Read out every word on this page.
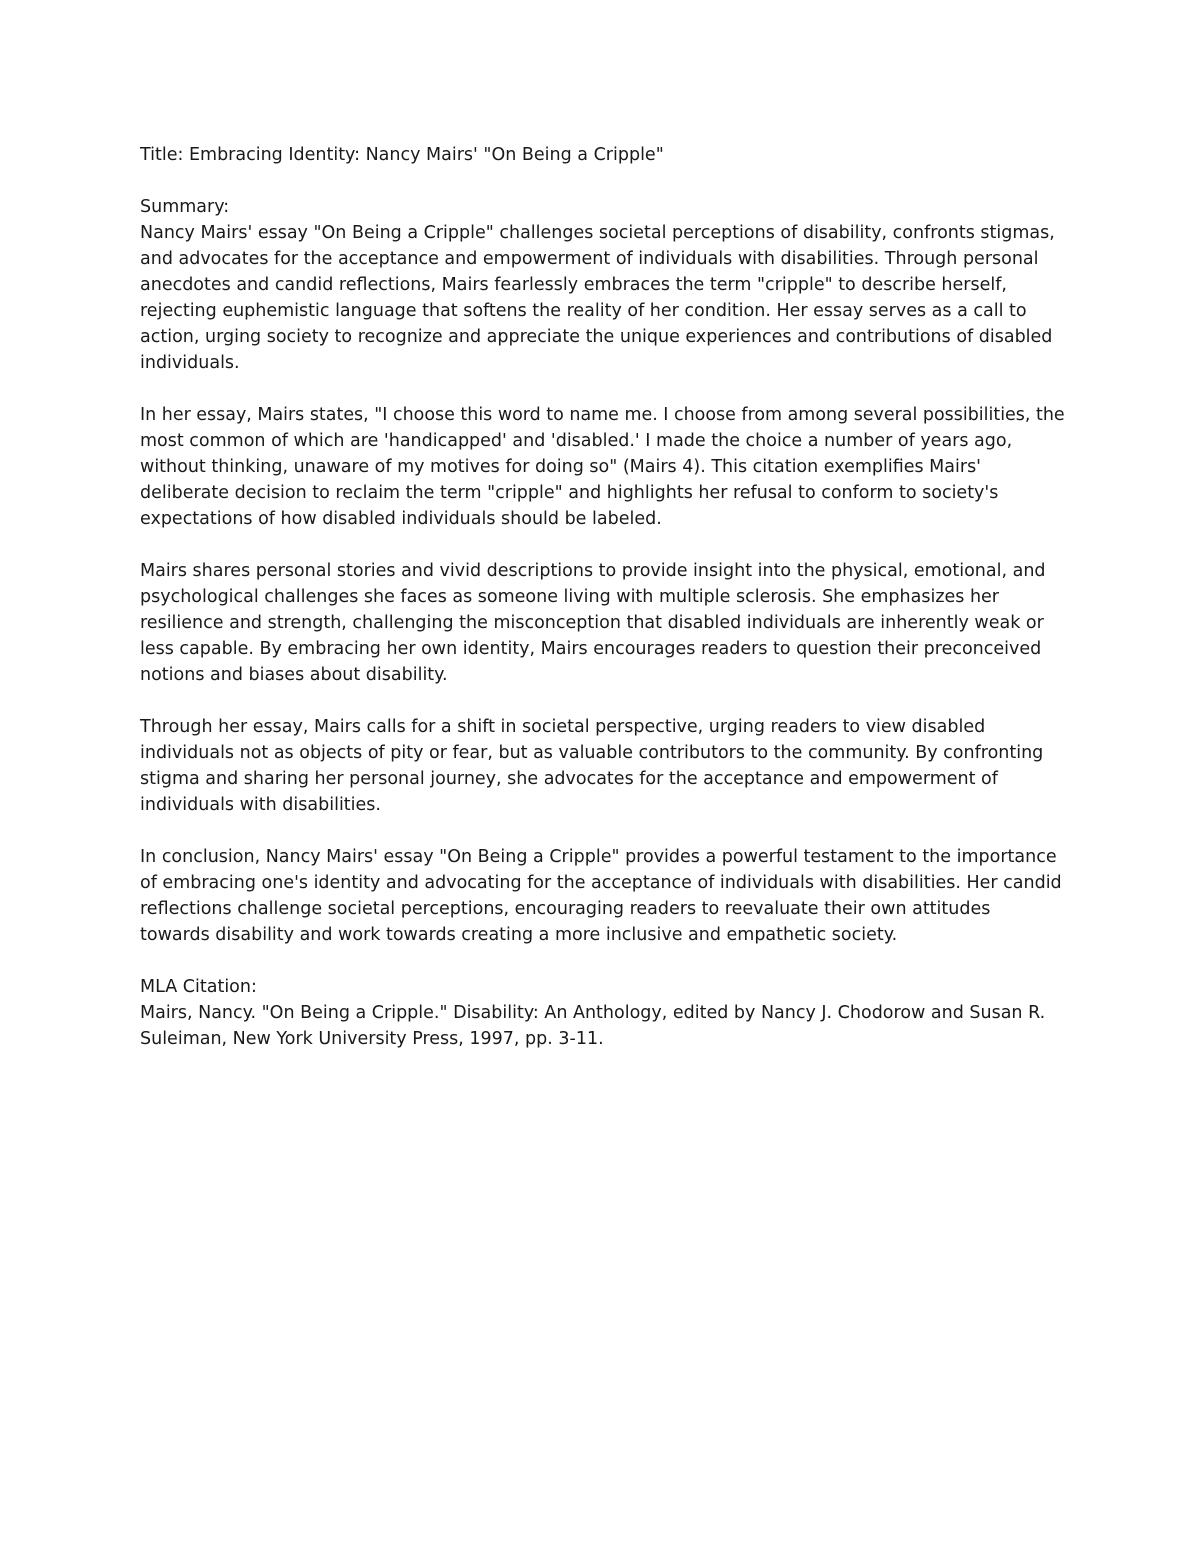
Title: Embracing Identity: Nancy Mairs' "On Being a Cripple"

Summary:

Nancy Mairs' essay "On Being a Cripple" challenges societal perceptions of disability, confronts stigmas,

and advocates for the acceptance and empowerment of individuals with disabilities. Through personal

anecdotes and candid reflections, Mairs fearlessly embraces the term "cripple" to describe herself,

rejecting euphemistic language that softens the reality of her condition. Her essay serves as a call to

action, urging society to recognize and appreciate the unique experiences and contributions of disabled

individuals.

In her essay, Mairs states, "I choose this word to name me. I choose from among several possibilities, the

most common of which are 'handicapped' and 'disabled.' I made the choice a number of years ago,

without thinking, unaware of my motives for doing so" (Mairs 4). This citation exemplifies Mairs'

deliberate decision to reclaim the term "cripple" and highlights her refusal to conform to society's

expectations of how disabled individuals should be labeled.

Mairs shares personal stories and vivid descriptions to provide insight into the physical, emotional, and

psychological challenges she faces as someone living with multiple sclerosis. She emphasizes her

resilience and strength, challenging the misconception that disabled individuals are inherently weak or

less capable. By embracing her own identity, Mairs encourages readers to question their preconceived

notions and biases about disability.

Through her essay, Mairs calls for a shift in societal perspective, urging readers to view disabled

individuals not as objects of pity or fear, but as valuable contributors to the community. By confronting

stigma and sharing her personal journey, she advocates for the acceptance and empowerment of

individuals with disabilities.

In conclusion, Nancy Mairs' essay "On Being a Cripple" provides a powerful testament to the importance

of embracing one's identity and advocating for the acceptance of individuals with disabilities. Her candid

reflections challenge societal perceptions, encouraging readers to reevaluate their own attitudes

towards disability and work towards creating a more inclusive and empathetic society.

MLA Citation:

Mairs, Nancy. "On Being a Cripple." Disability: An Anthology, edited by Nancy J. Chodorow and Susan R.

Suleiman, New York University Press, 1997, pp. 3-11.
